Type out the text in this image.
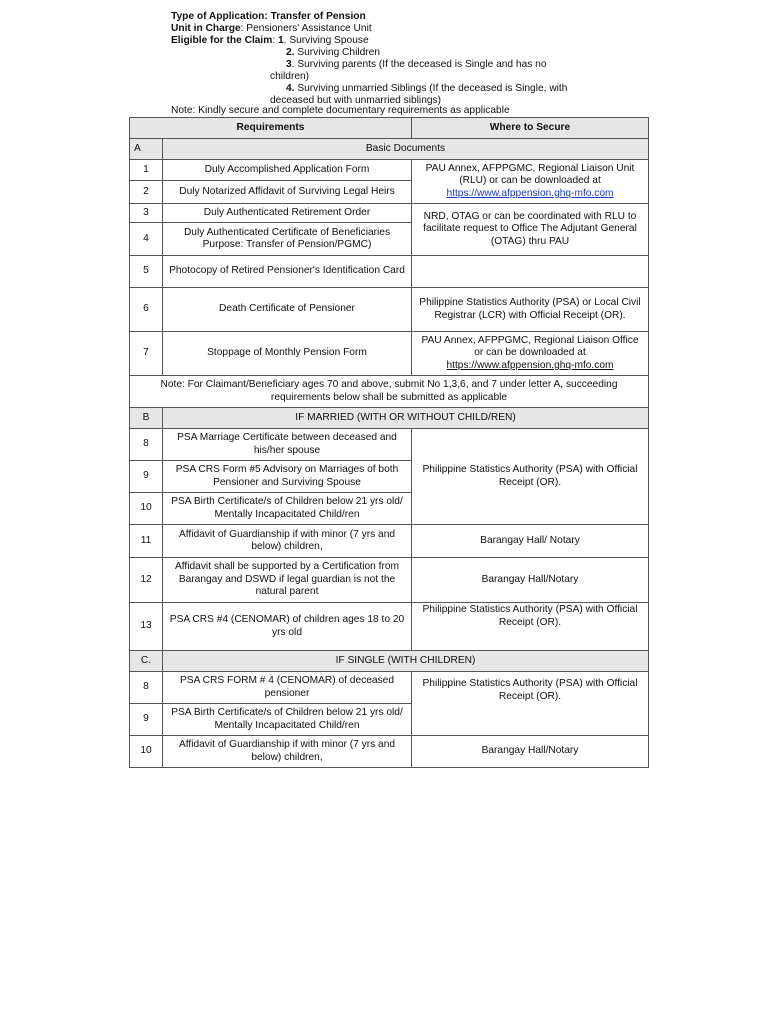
Type of Application: Transfer of Pension

Unit in Charge: Pensioners' Assistance Unit

Eligible for the Claim: 1. Surviving Spouse

2. Surviving Children

3. Surviving parents (If the deceased is Single and has no

children)

4. Surviving unmarried Siblings (If the deceased is Single, with

deceased but with unmarried siblings)

Note: Kindly secure and complete documentary requirements as applicable
Requirements		Where to Secure
A	Basic Documents	
1	Duly Accomplished Application Form	PAU Annex, AFPPGMC, Regional Liaison Unit (RLU) or can be downloaded at
https://www.afppension.ghq-mfo.com
2	Duly Notarized Affidavit of Surviving Legal Heirs	
3	Duly Authenticated Retirement Order	NRD, OTAG or can be coordinated with RLU to facilitate request to Office The Adjutant General (OTAG) thru PAU
4	Duly Authenticated Certificate of Beneficiaries Purpose: Transfer of Pension/PGMC)	
5	Photocopy of Retired Pensioner's Identification Card	
6	Death Certificate of Pensioner	Philippine Statistics Authority (PSA) or Local Civil Registrar (LCR) with Official Receipt (OR).
7	Stoppage of Monthly Pension Form	PAU Annex, AFPPGMC, Regional Liaison Office or can be downloaded at
https://www.afppension.ghq-mfo.com
Note: For Claimant/Beneficiary ages 70 and above, submit No 1,3,6, and 7 under letter A, succeeding requirements below shall be submitted as applicable		
B	IF MARRIED (WITH OR WITHOUT CHILD/REN)	
8	PSA Marriage Certificate between deceased and his/her spouse	Philippine Statistics Authority (PSA) with Official Receipt (OR).
9	PSA CRS Form #5 Advisory on Marriages of both Pensioner and Surviving Spouse	
10	PSA Birth Certificate/s of Children below 21 yrs old/ Mentally Incapacitated Child/ren	
11	Affidavit of Guardianship if with minor (7 yrs and below) children,	Barangay Hall/ Notary
12	Affidavit shall be supported by a Certification from Barangay and DSWD if legal guardian is not the natural parent	Barangay Hall/Notary
13	PSA CRS #4 (CENOMAR) of children ages 18 to 20 yrs old	Philippine Statistics Authority (PSA) with Official Receipt (OR).
C.	IF SINGLE (WITH CHILDREN)	
8	PSA CRS FORM # 4 (CENOMAR) of deceased pensioner	Philippine Statistics Authority (PSA) with Official Receipt (OR).
9	PSA Birth Certificate/s of Children below 21 yrs old/ Mentally Incapacitated Child/ren	
10	Affidavit of Guardianship if with minor (7 yrs and below) children,	Barangay Hall/Notary
